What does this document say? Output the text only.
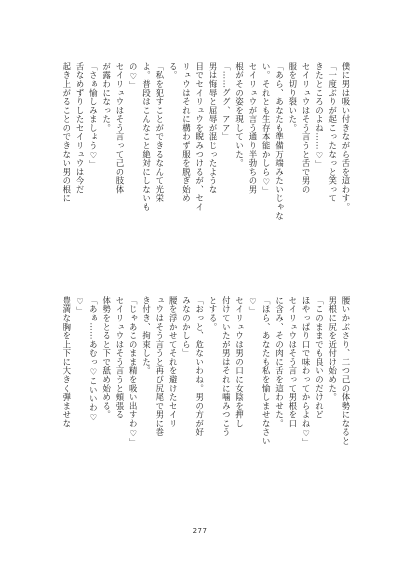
僕に男は吸い付きながら舌を這わす。
「一度ぶりが起こったなっと笑って
きたところのよね……♡」
セイリュウはそう言うと舌で男の
服を切り裂いた。
「あら、あなたも準備万端みたいじゃな
い。それとも生存本能かしら♡」
セイリュウが言う通り半勃ちの男
根がその姿を現していた。
「……ググ、アア」
男は悔辱と屈辱が混じったような
目でセイリュウを睨みつけるが、セイ
リュウはそれに構わず服を脱ぎ始め
る。
「私を犯すことができるなんて光栄
よ。普段はこんなこと絶対にしないも
の♡」
セイリュウはそう言って己の肢体
が露わになった。
「さぁ愉しみましょう♡」
舌なめずりしたセイリュウは今だ
起き上がることのできない男の根に
腰いかぶさり、二つ己の体勢になると
男根に尻を近付け始めた。
「このままでも良いのだけれど
ほやっぱり口で味わってからよね♡」
セイリュウはそう言って男根を口
に含み、その肉に舌を這わせた。
「ほら、あなたも私を愉しませなさい
♡」
セイリュウは男の口に女陰を押し
付けていたが男はそれに噛みつこう
とする。
「おっと、危ないわね。男の方が好
みなのかしら」
腰を浮かせてそれを避けたセイリ
ュウはそう言うと再び尻尾で男に巻
き付き、拘束した。
「じゃあこのまま精を吸い出すわ♡」
セイリュウはそう言うと頰張る
体勢をとると下で舐め始める。
「あぁ……あむっ♡こいいわ♡
♡」
豊満な胸を上下に大きく弾ませな
277
